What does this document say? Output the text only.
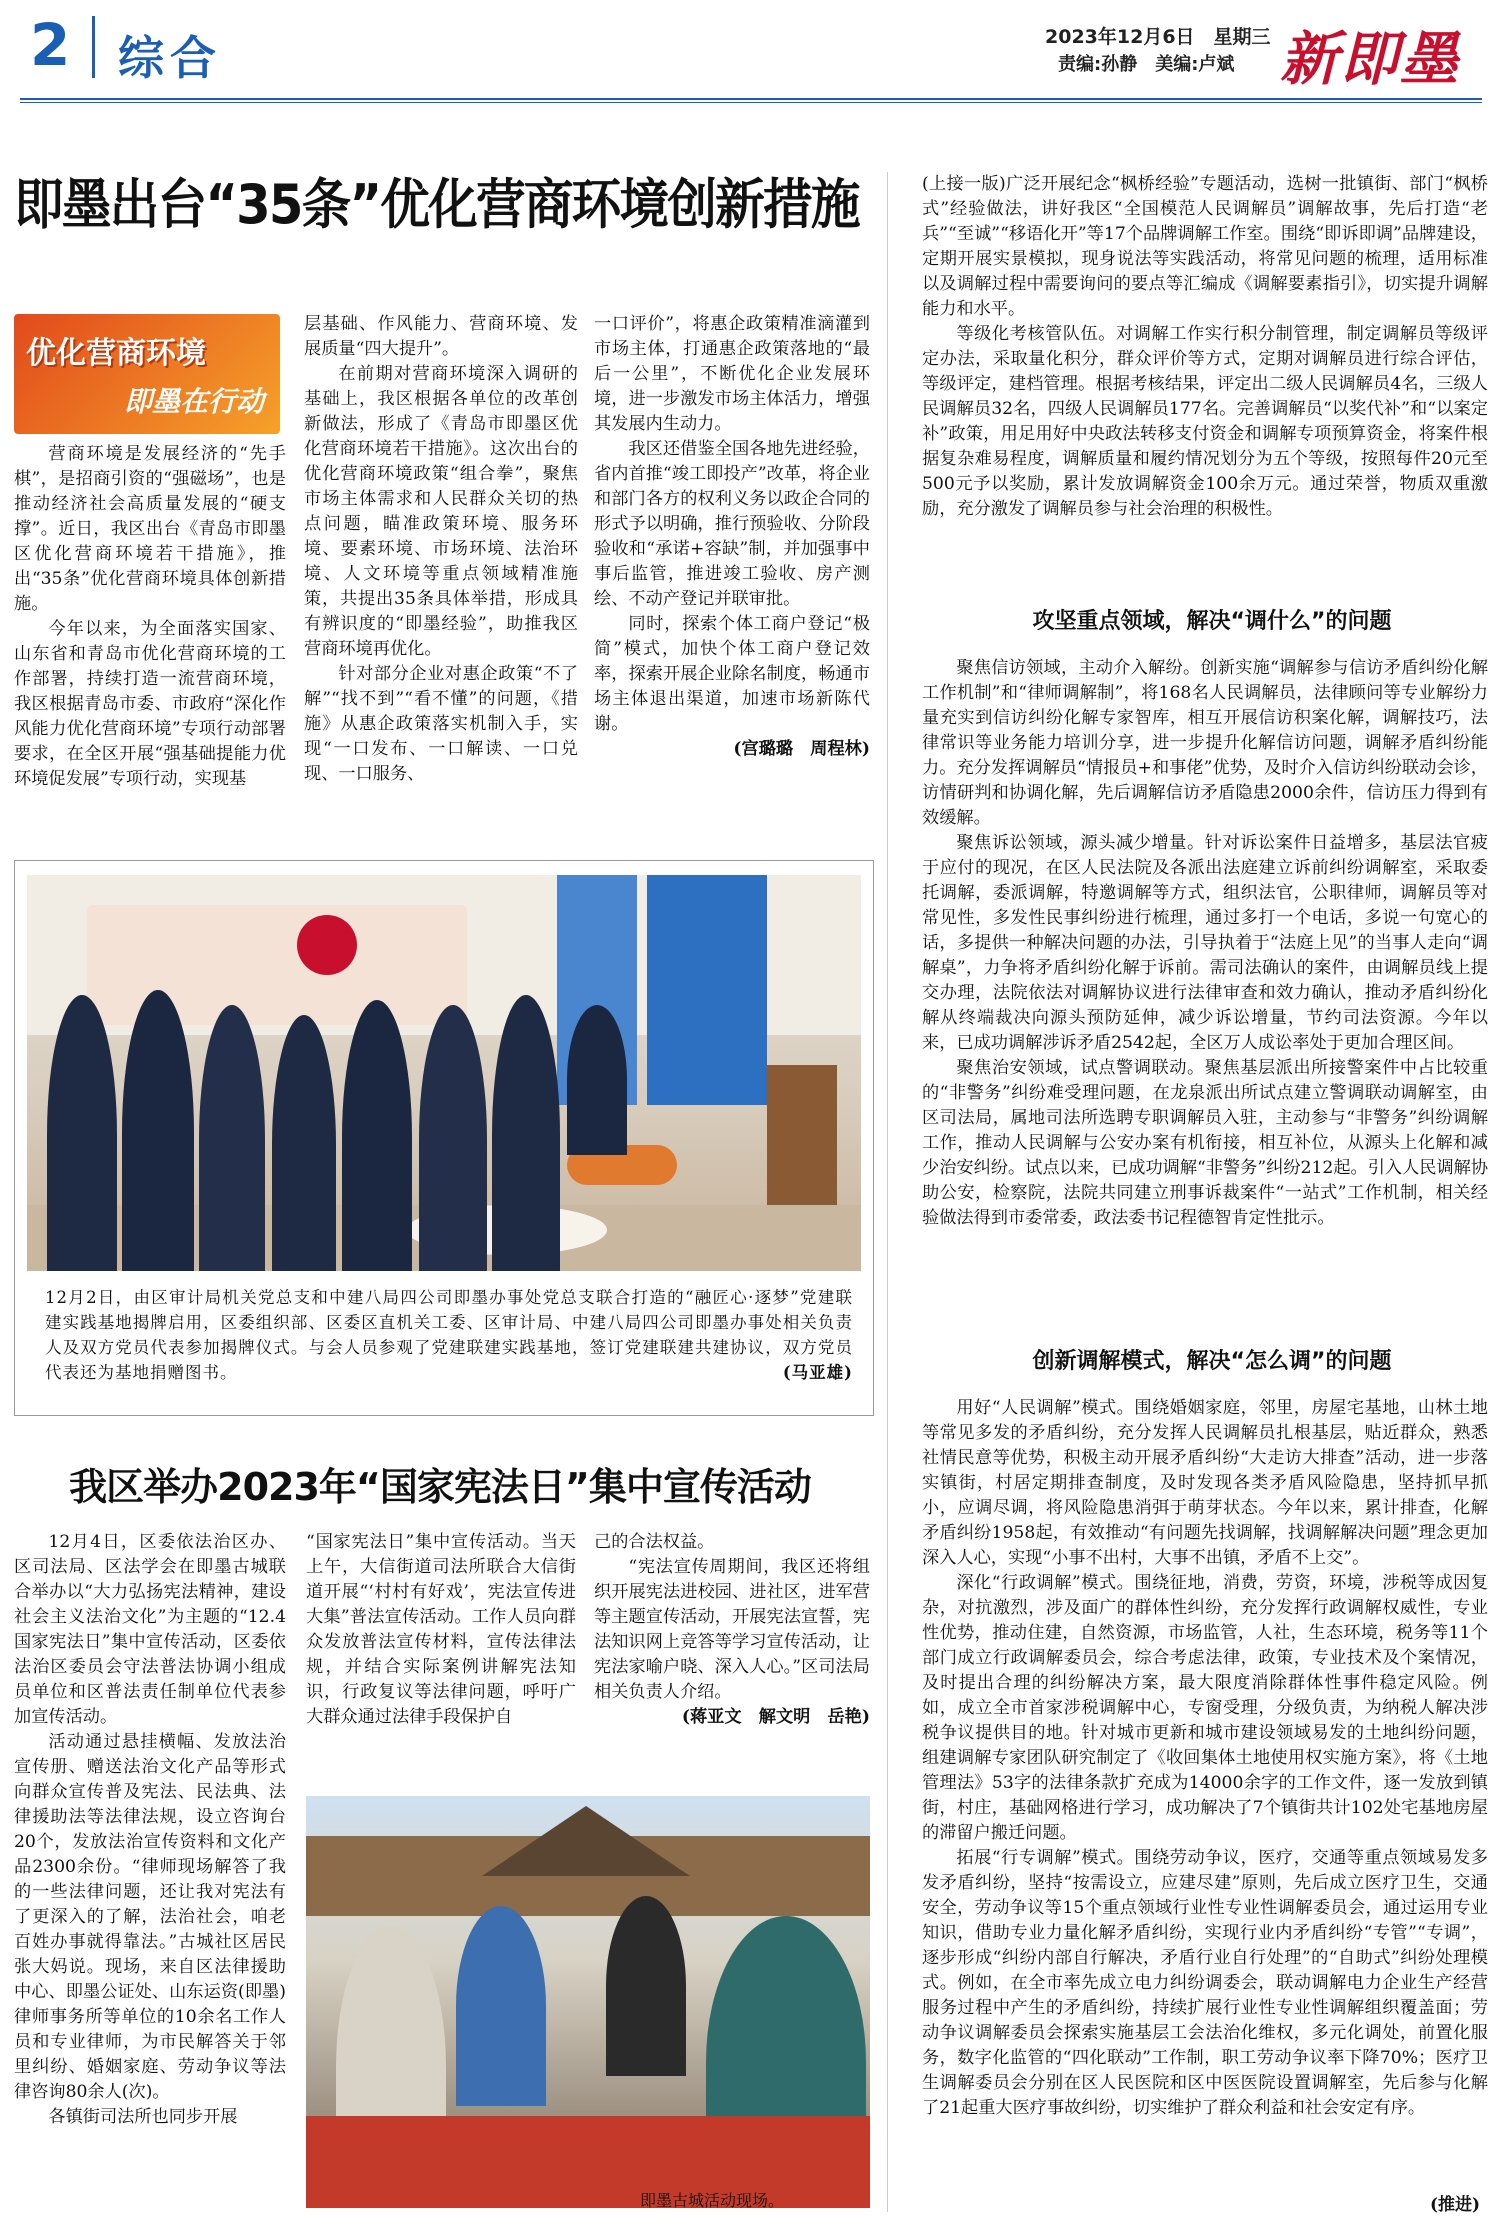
2 综合	2023年12月6日　星期三
责编:孙静　美编:卢斌 新即墨
即墨出台“35条”优化营商环境创新措施
优化营商环境
即墨在行动

营商环境是发展经济的“先手棋”，是招商引资的“强磁场”，也是推动经济社会高质量发展的“硬支撑”。近日，我区出台《青岛市即墨区优化营商环境若干措施》，推出“35条”优化营商环境具体创新措施。

今年以来，为全面落实国家、山东省和青岛市优化营商环境的工作部署，持续打造一流营商环境，我区根据青岛市委、市政府“深化作风能力优化营商环境”专项行动部署要求，在全区开展“强基础提能力优环境促发展”专项行动，实现基

层基础、作风能力、营商环境、发展质量“四大提升”。

在前期对营商环境深入调研的基础上，我区根据各单位的改革创新做法，形成了《青岛市即墨区优化营商环境若干措施》。这次出台的优化营商环境政策“组合拳”，聚焦市场主体需求和人民群众关切的热点问题，瞄准政策环境、服务环境、要素环境、市场环境、法治环境、人文环境等重点领域精准施策，共提出35条具体举措，形成具有辨识度的“即墨经验”，助推我区营商环境再优化。

针对部分企业对惠企政策“不了解”“找不到”“看不懂”的问题，《措施》从惠企政策落实机制入手，实现“一口发布、一口解读、一口兑现、一口服务、

一口评价”，将惠企政策精准滴灌到市场主体，打通惠企政策落地的“最后一公里”，不断优化企业发展环境，进一步激发市场主体活力，增强其发展内生动力。

我区还借鉴全国各地先进经验，省内首推“竣工即投产”改革，将企业和部门各方的权利义务以政企合同的形式予以明确，推行预验收、分阶段验收和“承诺+容缺”制，并加强事中事后监管，推进竣工验收、房产测绘、不动产登记并联审批。

同时，探索个体工商户登记“极简”模式，加快个体工商户登记效率，探索开展企业除名制度，畅通市场主体退出渠道，加速市场新陈代谢。

(宫璐璐　周程林)

12月2日，由区审计局机关党总支和中建八局四公司即墨办事处党总支联合打造的“融匠心·逐梦”党建联建实践基地揭牌启用，区委组织部、区委区直机关工委、区审计局、中建八局四公司即墨办事处相关负责人及双方党员代表参加揭牌仪式。与会人员参观了党建联建实践基地，签订党建联建共建协议，双方党员代表还为基地捐赠图书。	(马亚雄)
我区举办2023年“国家宪法日”集中宣传活动

12月4日，区委依法治区办、区司法局、区法学会在即墨古城联合举办以“大力弘扬宪法精神，建设社会主义法治文化”为主题的“12.4国家宪法日”集中宣传活动，区委依法治区委员会守法普法协调小组成员单位和区普法责任制单位代表参加宣传活动。

活动通过悬挂横幅、发放法治宣传册、赠送法治文化产品等形式向群众宣传普及宪法、民法典、法律援助法等法律法规，设立咨询台20个，发放法治宣传资料和文化产品2300余份。“律师现场解答了我的一些法律问题，还让我对宪法有了更深入的了解，法治社会，咱老百姓办事就得靠法。”古城社区居民张大妈说。现场，来自区法律援助中心、即墨公证处、山东运资(即墨)律师事务所等单位的10余名工作人员和专业律师，为市民解答关于邻里纠纷、婚姻家庭、劳动争议等法律咨询80余人(次)。

各镇街司法所也同步开展

“国家宪法日”集中宣传活动。当天上午，大信街道司法所联合大信街道开展“‘村村有好戏’，宪法宣传进大集”普法宣传活动。工作人员向群众发放普法宣传材料，宣传法律法规，并结合实际案例讲解宪法知识，行政复议等法律问题，呼吁广大群众通过法律手段保护自

己的合法权益。

“宪法宣传周期间，我区还将组织开展宪法进校园、进社区，进军营等主题宣传活动，开展宪法宣誓，宪法知识网上竞答等学习宣传活动，让宪法家喻户晓、深入人心。”区司法局相关负责人介绍。

(蒋亚文　解文明　岳艳)

即墨古城活动现场。

(上接一版)广泛开展纪念“枫桥经验”专题活动，选树一批镇街、部门“枫桥式”经验做法，讲好我区“全国模范人民调解员”调解故事，先后打造“老兵”“至诚”“移语化开”等17个品牌调解工作室。围绕“即诉即调”品牌建设，定期开展实景模拟，现身说法等实践活动，将常见问题的梳理，适用标准以及调解过程中需要询问的要点等汇编成《调解要素指引》，切实提升调解能力和水平。

等级化考核管队伍。对调解工作实行积分制管理，制定调解员等级评定办法，采取量化积分，群众评价等方式，定期对调解员进行综合评估，等级评定，建档管理。根据考核结果，评定出二级人民调解员4名，三级人民调解员32名，四级人民调解员177名。完善调解员“以奖代补”和“以案定补”政策，用足用好中央政法转移支付资金和调解专项预算资金，将案件根据复杂难易程度，调解质量和履约情况划分为五个等级，按照每件20元至500元予以奖励，累计发放调解资金100余万元。通过荣誉，物质双重激励，充分激发了调解员参与社会治理的积极性。

攻坚重点领域，解决“调什么”的问题

聚焦信访领域，主动介入解纷。创新实施“调解参与信访矛盾纠纷化解工作机制”和“律师调解制”，将168名人民调解员，法律顾问等专业解纷力量充实到信访纠纷化解专家智库，相互开展信访积案化解，调解技巧，法律常识等业务能力培训分享，进一步提升化解信访问题，调解矛盾纠纷能力。充分发挥调解员“情报员+和事佬”优势，及时介入信访纠纷联动会诊，访情研判和协调化解，先后调解信访矛盾隐患2000余件，信访压力得到有效缓解。

聚焦诉讼领域，源头减少增量。针对诉讼案件日益增多，基层法官疲于应付的现况，在区人民法院及各派出法庭建立诉前纠纷调解室，采取委托调解，委派调解，特邀调解等方式，组织法官，公职律师，调解员等对常见性，多发性民事纠纷进行梳理，通过多打一个电话，多说一句宽心的话，多提供一种解决问题的办法，引导执着于“法庭上见”的当事人走向“调解桌”，力争将矛盾纠纷化解于诉前。需司法确认的案件，由调解员线上提交办理，法院依法对调解协议进行法律审查和效力确认，推动矛盾纠纷化解从终端裁决向源头预防延伸，减少诉讼增量，节约司法资源。今年以来，已成功调解涉诉矛盾2542起，全区万人成讼率处于更加合理区间。

聚焦治安领域，试点警调联动。聚焦基层派出所接警案件中占比较重的“非警务”纠纷难受理问题，在龙泉派出所试点建立警调联动调解室，由区司法局，属地司法所选聘专职调解员入驻，主动参与“非警务”纠纷调解工作，推动人民调解与公安办案有机衔接，相互补位，从源头上化解和减少治安纠纷。试点以来，已成功调解“非警务”纠纷212起。引入人民调解协助公安，检察院，法院共同建立刑事诉裁案件“一站式”工作机制，相关经验做法得到市委常委，政法委书记程德智肯定性批示。

创新调解模式，解决“怎么调”的问题

用好“人民调解”模式。围绕婚姻家庭，邻里，房屋宅基地，山林土地等常见多发的矛盾纠纷，充分发挥人民调解员扎根基层，贴近群众，熟悉社情民意等优势，积极主动开展矛盾纠纷“大走访大排查”活动，进一步落实镇街，村居定期排查制度，及时发现各类矛盾风险隐患，坚持抓早抓小，应调尽调，将风险隐患消弭于萌芽状态。今年以来，累计排查，化解矛盾纠纷1958起，有效推动“有问题先找调解，找调解解决问题”理念更加深入人心，实现“小事不出村，大事不出镇，矛盾不上交”。

深化“行政调解”模式。围绕征地，消费，劳资，环境，涉税等成因复杂，对抗激烈，涉及面广的群体性纠纷，充分发挥行政调解权威性，专业性优势，推动住建，自然资源，市场监管，人社，生态环境，税务等11个部门成立行政调解委员会，综合考虑法律，政策，专业技术及个案情况，及时提出合理的纠纷解决方案，最大限度消除群体性事件稳定风险。例如，成立全市首家涉税调解中心，专窗受理，分级负责，为纳税人解决涉税争议提供目的地。针对城市更新和城市建设领域易发的土地纠纷问题，组建调解专家团队研究制定了《收回集体土地使用权实施方案》，将《土地管理法》53字的法律条款扩充成为14000余字的工作文件，逐一发放到镇街，村庄，基础网格进行学习，成功解决了7个镇街共计102处宅基地房屋的滞留户搬迁问题。

拓展“行专调解”模式。围绕劳动争议，医疗，交通等重点领域易发多发矛盾纠纷，坚持“按需设立，应建尽建”原则，先后成立医疗卫生，交通安全，劳动争议等15个重点领域行业性专业性调解委员会，通过运用专业知识，借助专业力量化解矛盾纠纷，实现行业内矛盾纠纷“专管”“专调”，逐步形成“纠纷内部自行解决，矛盾行业自行处理”的“自助式”纠纷处理模式。例如，在全市率先成立电力纠纷调委会，联动调解电力企业生产经营服务过程中产生的矛盾纠纷，持续扩展行业性专业性调解组织覆盖面；劳动争议调解委员会探索实施基层工会法治化维权，多元化调处，前置化服务，数字化监管的“四化联动”工作制，职工劳动争议率下降70%；医疗卫生调解委员会分别在区人民医院和区中医医院设置调解室，先后参与化解了21起重大医疗事故纠纷，切实维护了群众利益和社会安定有序。

(推进)
